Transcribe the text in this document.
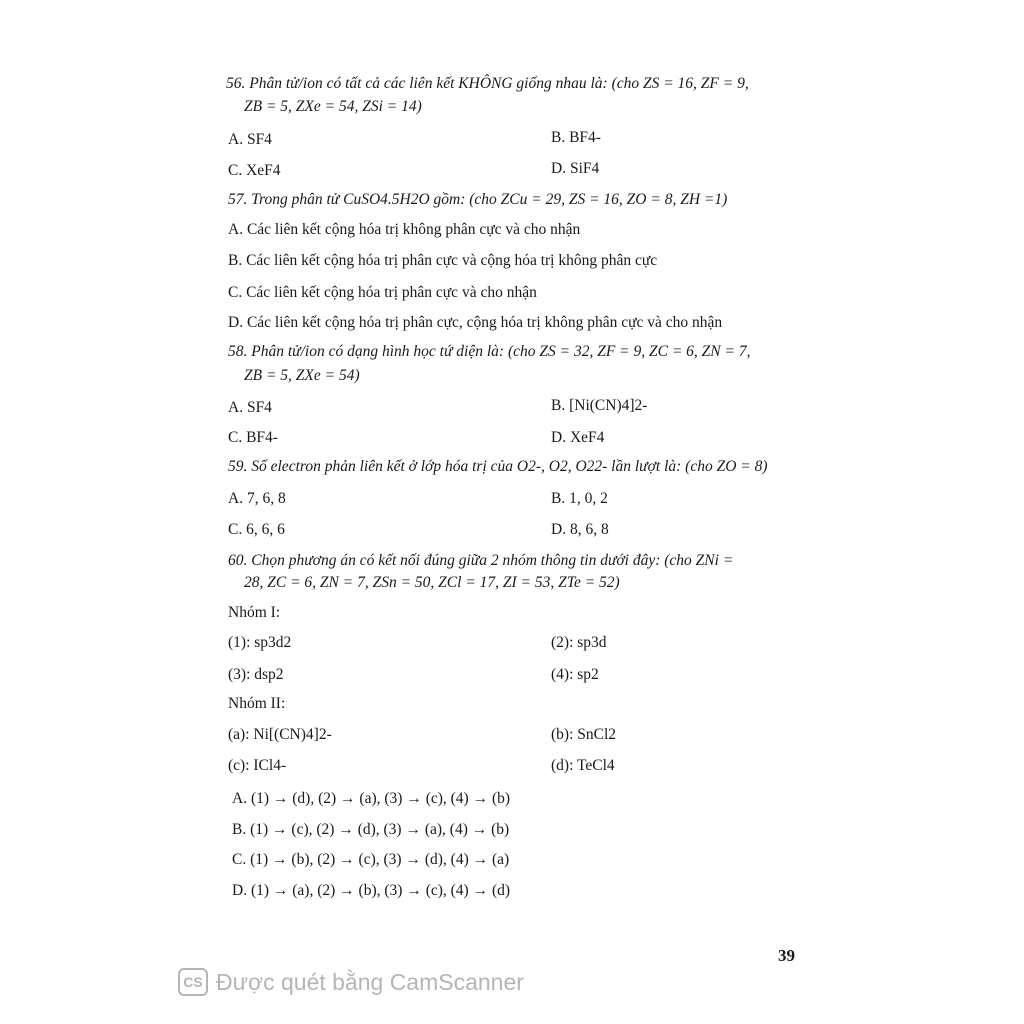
56. Phân tử/ion có tất cả các liên kết KHÔNG giống nhau là: (cho ZS = 16, ZF = 9,
ZB = 5, ZXe = 54, ZSi = 14)
A. SF4	B. BF4-
C. XeF4	D. SiF4
57. Trong phân tử CuSO4.5H2O gồm: (cho ZCu = 29, ZS = 16, ZO = 8, ZH =1)
A. Các liên kết cộng hóa trị không phân cực và cho nhận
B. Các liên kết cộng hóa trị phân cực và cộng hóa trị không phân cực
C. Các liên kết cộng hóa trị phân cực và cho nhận
D. Các liên kết cộng hóa trị phân cực, cộng hóa trị không phân cực và cho nhận
58. Phân tử/ion có dạng hình học tứ diện là: (cho ZS = 32, ZF = 9, ZC = 6, ZN = 7,
ZB = 5, ZXe = 54)
A. SF4	B. [Ni(CN)4]2-
C. BF4-	D. XeF4
59. Số electron phản liên kết ở lớp hóa trị của O2-, O2, O22- lần lượt là: (cho ZO = 8)
A. 7, 6, 8	B. 1, 0, 2
C. 6, 6, 6	D. 8, 6, 8
60. Chọn phương án có kết nối đúng giữa 2 nhóm thông tin dưới đây: (cho ZNi =
28, ZC = 6, ZN = 7, ZSn = 50, ZCl = 17, ZI = 53, ZTe = 52)
Nhóm I:
(1): sp3d2	(2): sp3d
(3): dsp2	(4): sp2
Nhóm II:
(a): Ni[(CN)4]2-	(b): SnCl2
(c): ICl4-	(d): TeCl4
A. (1) → (d), (2) → (a), (3) → (c), (4) → (b)
B. (1) → (c), (2) → (d), (3) → (a), (4) → (b)
C. (1) → (b), (2) → (c), (3) → (d), (4) → (a)
D. (1) → (a), (2) → (b), (3) → (c), (4) → (d)
39
CS Được quét bằng CamScanner
